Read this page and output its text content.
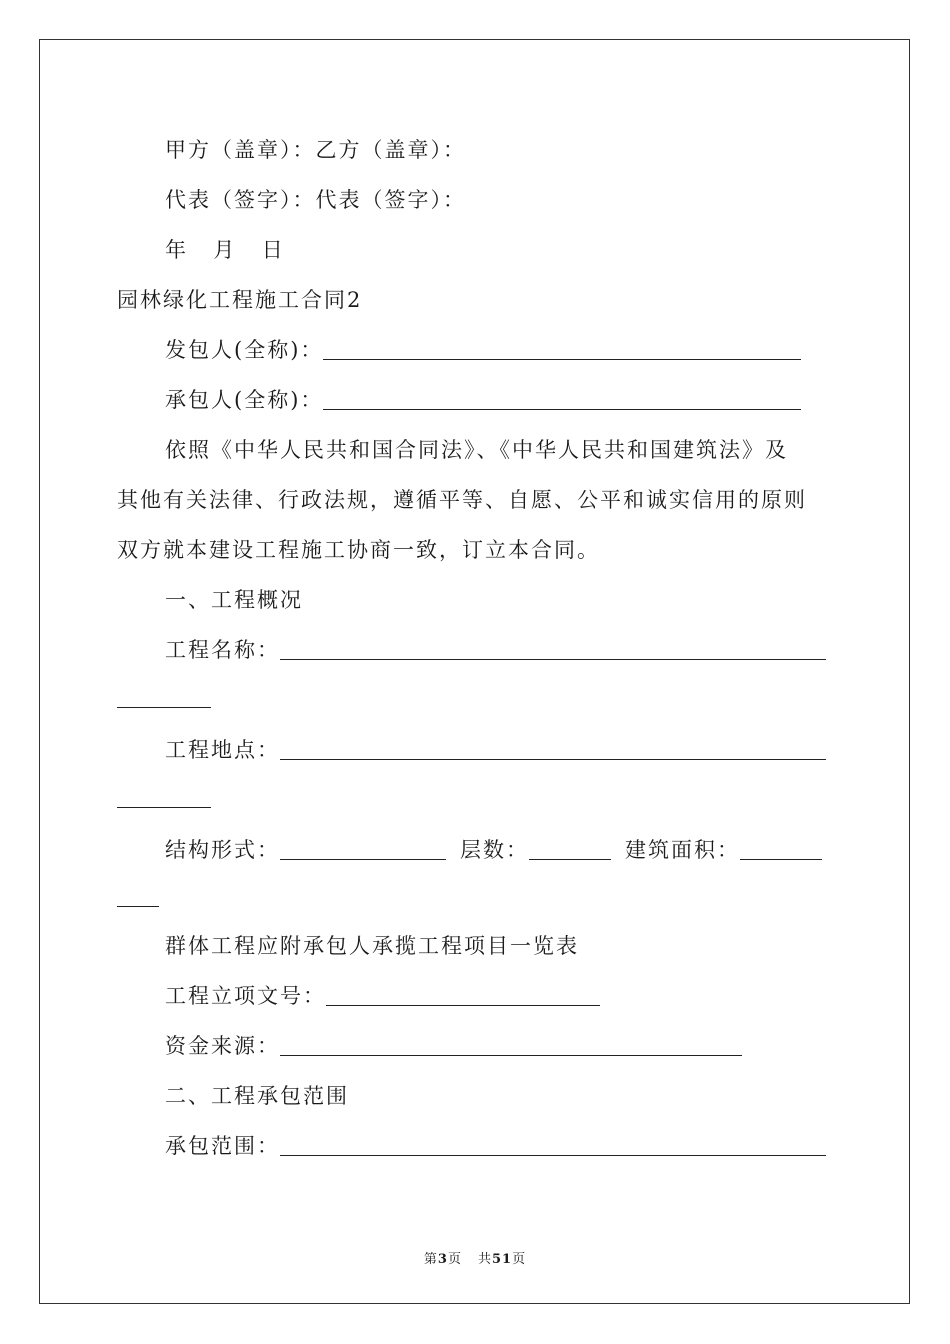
甲方（盖章）：乙方（盖章）：
代表（签字）：代表（签字）：
年  月  日
园林绿化工程施工合同2
发包人(全称)：
承包人(全称)：
依照《中华人民共和国合同法》、《中华人民共和国建筑法》及
其他有关法律、行政法规，遵循平等、自愿、公平和诚实信用的原则
双方就本建设工程施工协商一致，订立本合同。
一、工程概况
工程名称：
工程地点：
结构形式：	层数：	建筑面积：
群体工程应附承包人承揽工程项目一览表
工程立项文号：
资金来源：
二、工程承包范围
承包范围：
第3页 共51页
